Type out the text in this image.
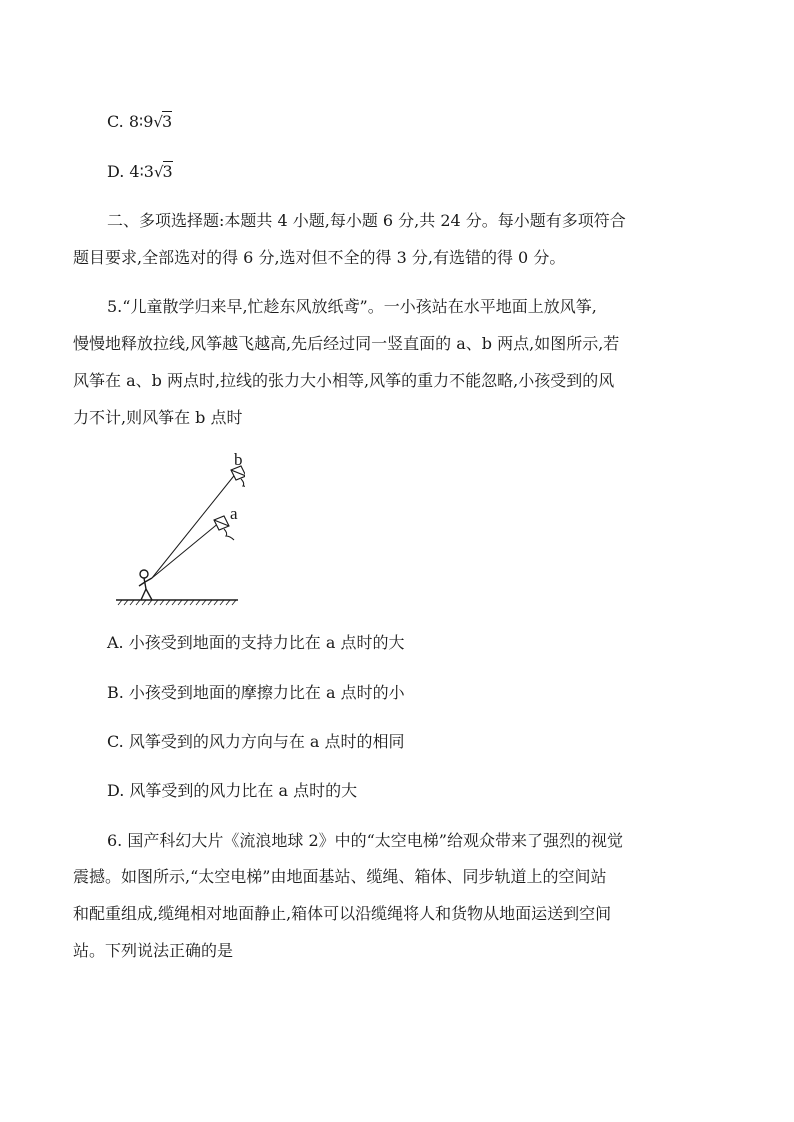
C. 8∶9√3
D. 4∶3√3
二、多项选择题:本题共 4 小题,每小题 6 分,共 24 分。每小题有多项符合
题目要求,全部选对的得 6 分,选对但不全的得 3 分,有选错的得 0 分。
5.“儿童散学归来早,忙趁东风放纸鸢”。一小孩站在水平地面上放风筝,
慢慢地释放拉线,风筝越飞越高,先后经过同一竖直面的 a、b 两点,如图所示,若
风筝在 a、b 两点时,拉线的张力大小相等,风筝的重力不能忽略,小孩受到的风
力不计,则风筝在 b 点时
b
a
A. 小孩受到地面的支持力比在 a 点时的大
B. 小孩受到地面的摩擦力比在 a 点时的小
C. 风筝受到的风力方向与在 a 点时的相同
D. 风筝受到的风力比在 a 点时的大
6. 国产科幻大片《流浪地球 2》中的“太空电梯”给观众带来了强烈的视觉
震撼。如图所示,“太空电梯”由地面基站、缆绳、箱体、同步轨道上的空间站
和配重组成,缆绳相对地面静止,箱体可以沿缆绳将人和货物从地面运送到空间
站。下列说法正确的是
